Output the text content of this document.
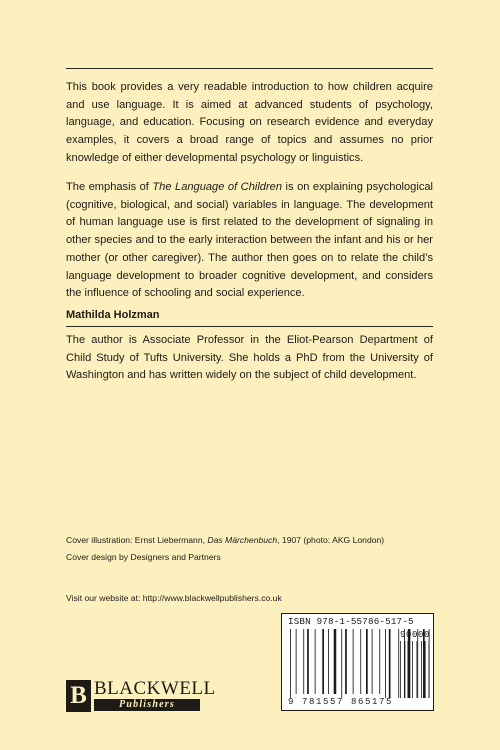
This book provides a very readable introduction to how children acquire and use language. It is aimed at advanced students of psychology, language, and education. Focusing on research evidence and everyday examples, it covers a broad range of topics and assumes no prior knowledge of either developmental psychology or linguistics.

The emphasis of The Language of Children is on explaining psychological (cognitive, biological, and social) variables in language. The development of human language use is first related to the development of signaling in other species and to the early interaction between the infant and his or her mother (or other caregiver). The author then goes on to relate the child’s language development to broader cognitive development, and considers the influence of schooling and social experience.

Mathilda Holzman

The author is Associate Professor in the Eliot-Pearson Department of Child Study of Tufts University. She holds a PhD from the University of Washington and has written widely on the subject of child development.

Cover illustration: Ernst Liebermann, Das Märchenbuch, 1907 (photo: AKG London)
Cover design by Designers and Partners
Visit our website at: http://www.blackwellpublishers.co.uk
ISBN 978-1-55786-517-5
90000
9 781557 865175
B BLACKWELL
Publishers
